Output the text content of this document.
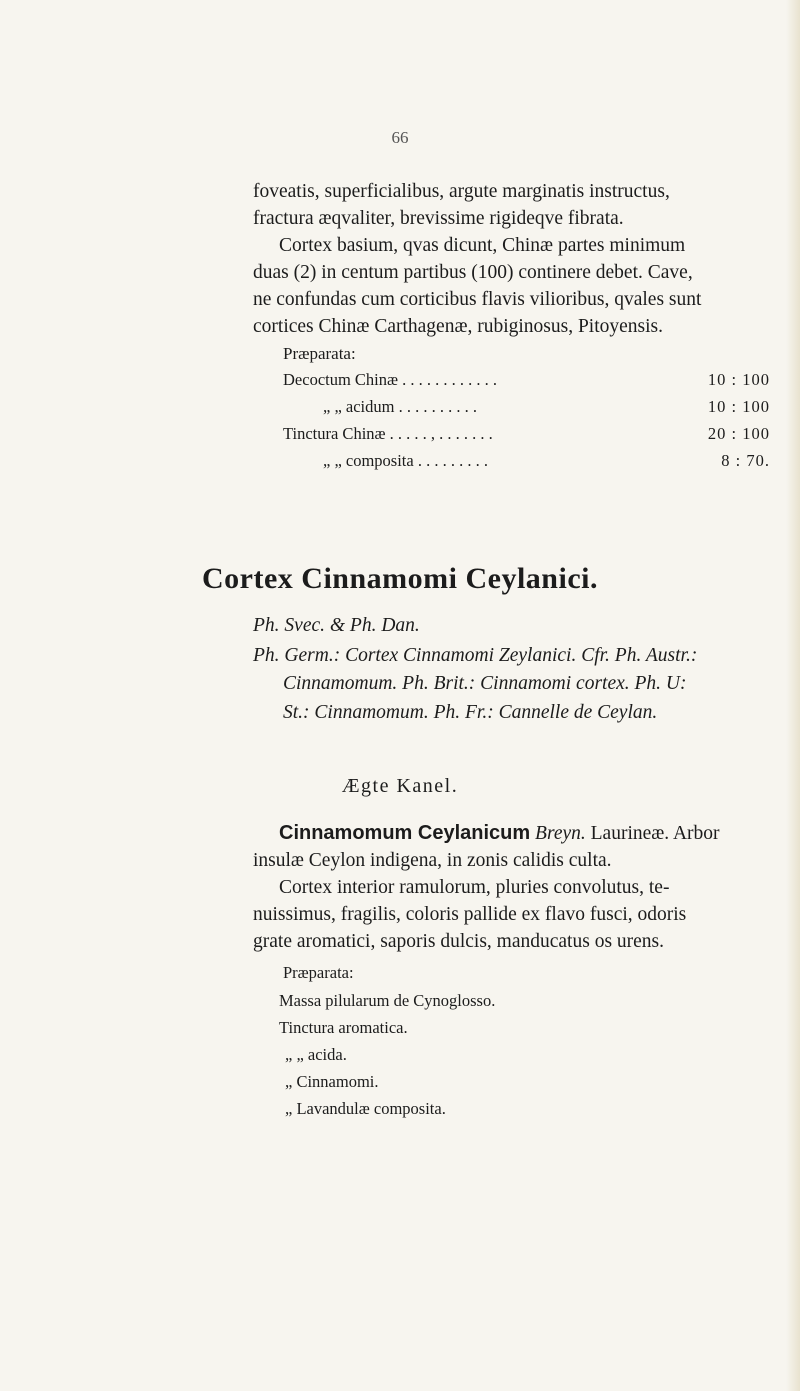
66
foveatis, superficialibus, argute marginatis instructus,
fractura æqvaliter, brevissime rigideqve fibrata.
Cortex basium, qvas dicunt, Chinæ partes minimum
duas (2) in centum partibus (100) continere debet. Cave,
ne confundas cum corticibus flavis vilioribus, qvales sunt
cortices Chinæ Carthagenæ, rubiginosus, Pitoyensis.
Præparata:
Decoctum Chinæ . . . . . . . . . . . .	10 : 100
„ „ acidum . . . . . . . . . .	10 : 100
Tinctura Chinæ . . . . . , . . . . . . .	20 : 100
„ „ composita . . . . . . . . .	8 : 70.
Cortex Cinnamomi Ceylanici.
Ph. Svec. & Ph. Dan.
Ph. Germ.: Cortex Cinnamomi Zeylanici. Cfr. Ph. Austr.:
Cinnamomum. Ph. Brit.: Cinnamomi cortex. Ph. U:
St.: Cinnamomum. Ph. Fr.: Cannelle de Ceylan.
Ægte Kanel.
Cinnamomum Ceylanicum Breyn. Laurineæ. Arbor
insulæ Ceylon indigena, in zonis calidis culta.
Cortex interior ramulorum, pluries convolutus, te-
nuissimus, fragilis, coloris pallide ex flavo fusci, odoris
grate aromatici, saporis dulcis, manducatus os urens.
Præparata:
Massa pilularum de Cynoglosso.
Tinctura aromatica.
„ „ acida.
„ Cinnamomi.
„ Lavandulæ composita.
